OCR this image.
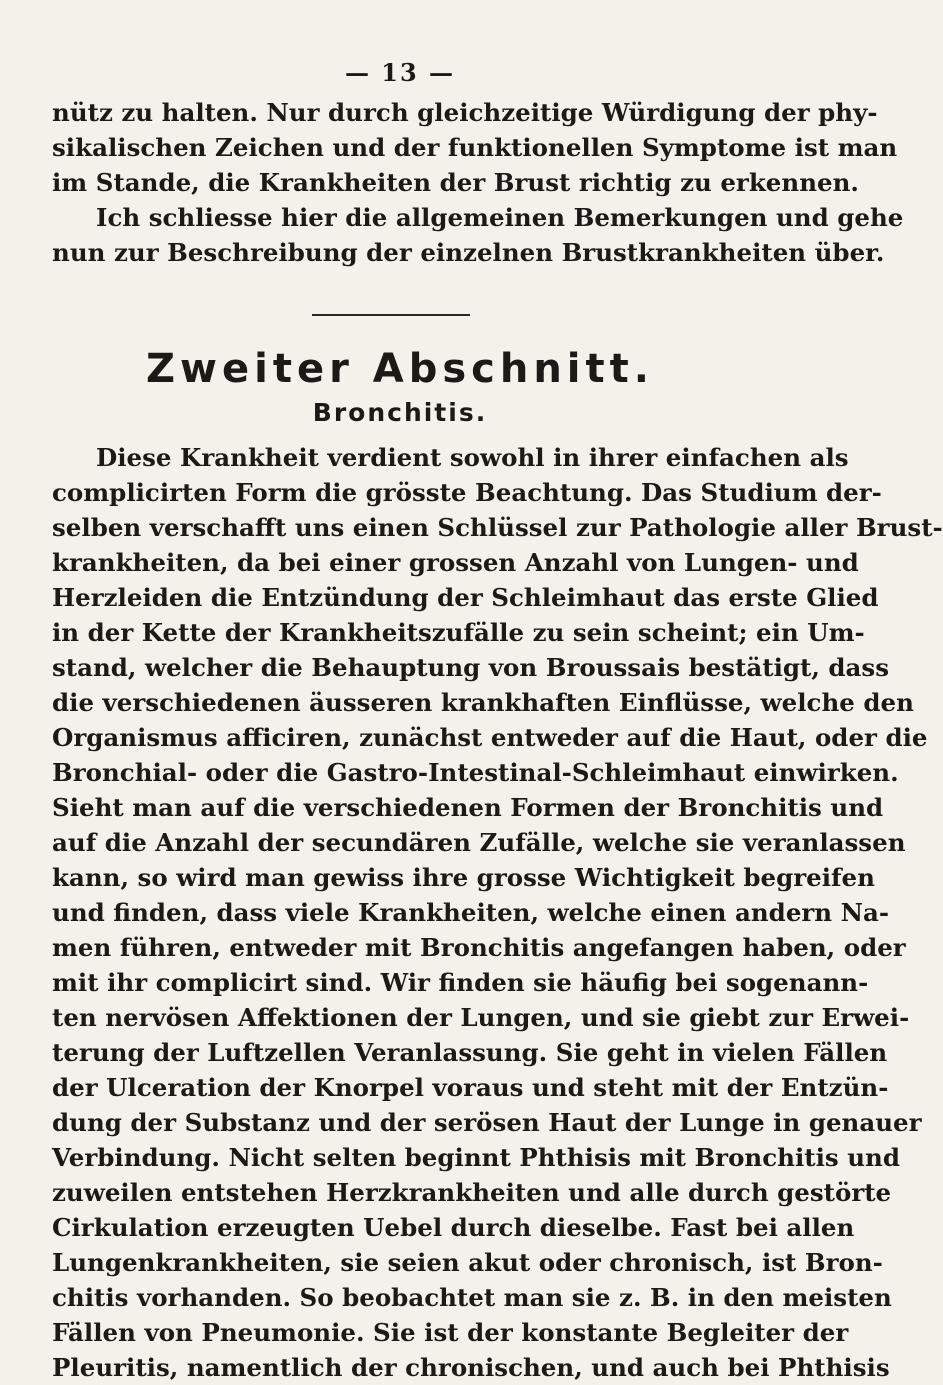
— 13 —
nütz zu halten. Nur durch gleichzeitige Würdigung der phy-
sikalischen Zeichen und der funktionellen Symptome ist man
im Stande, die Krankheiten der Brust richtig zu erkennen.
Ich schliesse hier die allgemeinen Bemerkungen und gehe
nun zur Beschreibung der einzelnen Brustkrankheiten über.
Zweiter Abschnitt.
Bronchitis.
Diese Krankheit verdient sowohl in ihrer einfachen als
complicirten Form die grösste Beachtung. Das Studium der-
selben verschafft uns einen Schlüssel zur Pathologie aller Brust-
krankheiten, da bei einer grossen Anzahl von Lungen- und
Herzleiden die Entzündung der Schleimhaut das erste Glied
in der Kette der Krankheitszufälle zu sein scheint; ein Um-
stand, welcher die Behauptung von Broussais bestätigt, dass
die verschiedenen äusseren krankhaften Einflüsse, welche den
Organismus afficiren, zunächst entweder auf die Haut, oder die
Bronchial- oder die Gastro-Intestinal-Schleimhaut einwirken.
Sieht man auf die verschiedenen Formen der Bronchitis und
auf die Anzahl der secundären Zufälle, welche sie veranlassen
kann, so wird man gewiss ihre grosse Wichtigkeit begreifen
und finden, dass viele Krankheiten, welche einen andern Na-
men führen, entweder mit Bronchitis angefangen haben, oder
mit ihr complicirt sind. Wir finden sie häufig bei sogenann-
ten nervösen Affektionen der Lungen, und sie giebt zur Erwei-
terung der Luftzellen Veranlassung. Sie geht in vielen Fällen
der Ulceration der Knorpel voraus und steht mit der Entzün-
dung der Substanz und der serösen Haut der Lunge in genauer
Verbindung. Nicht selten beginnt Phthisis mit Bronchitis und
zuweilen entstehen Herzkrankheiten und alle durch gestörte
Cirkulation erzeugten Uebel durch dieselbe. Fast bei allen
Lungenkrankheiten, sie seien akut oder chronisch, ist Bron-
chitis vorhanden. So beobachtet man sie z. B. in den meisten
Fällen von Pneumonie. Sie ist der konstante Begleiter der
Pleuritis, namentlich der chronischen, und auch bei Phthisis
